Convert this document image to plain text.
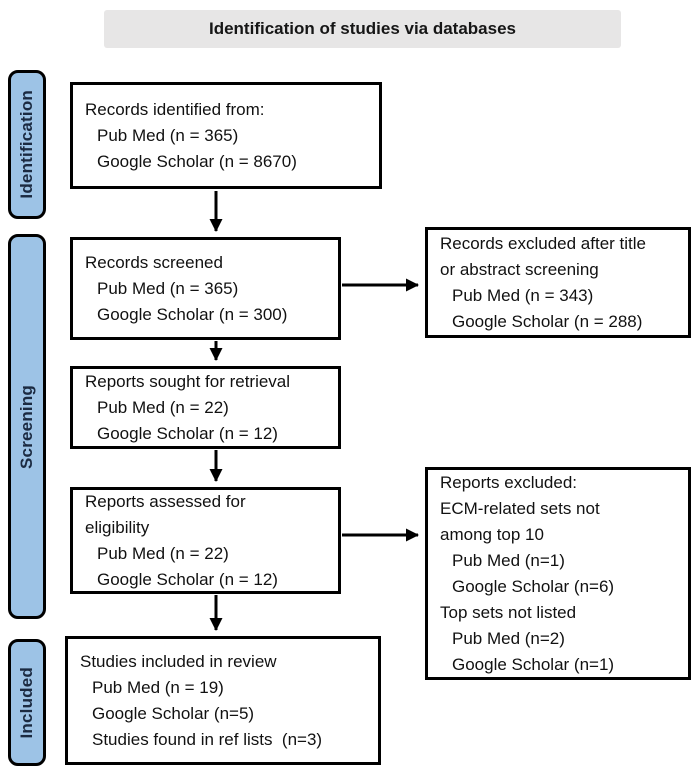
Identification of studies via databases
Identification
Screening
Included
Records identified from:
Pub Med (n = 365)
Google Scholar (n = 8670)
Records screened
Pub Med (n = 365)
Google Scholar (n = 300)
Reports sought for retrieval
Pub Med (n = 22)
Google Scholar (n = 12)
Reports assessed for
eligibility
Pub Med (n = 22)
Google Scholar (n = 12)
Studies included in review
Pub Med (n = 19)
Google Scholar (n=5)
Studies found in ref lists  (n=3)
Records excluded after title
or abstract screening
Pub Med (n = 343)
Google Scholar (n = 288)
Reports excluded:
ECM-related sets not
among top 10
Pub Med (n=1)
Google Scholar (n=6)
Top sets not listed
Pub Med (n=2)
Google Scholar (n=1)
